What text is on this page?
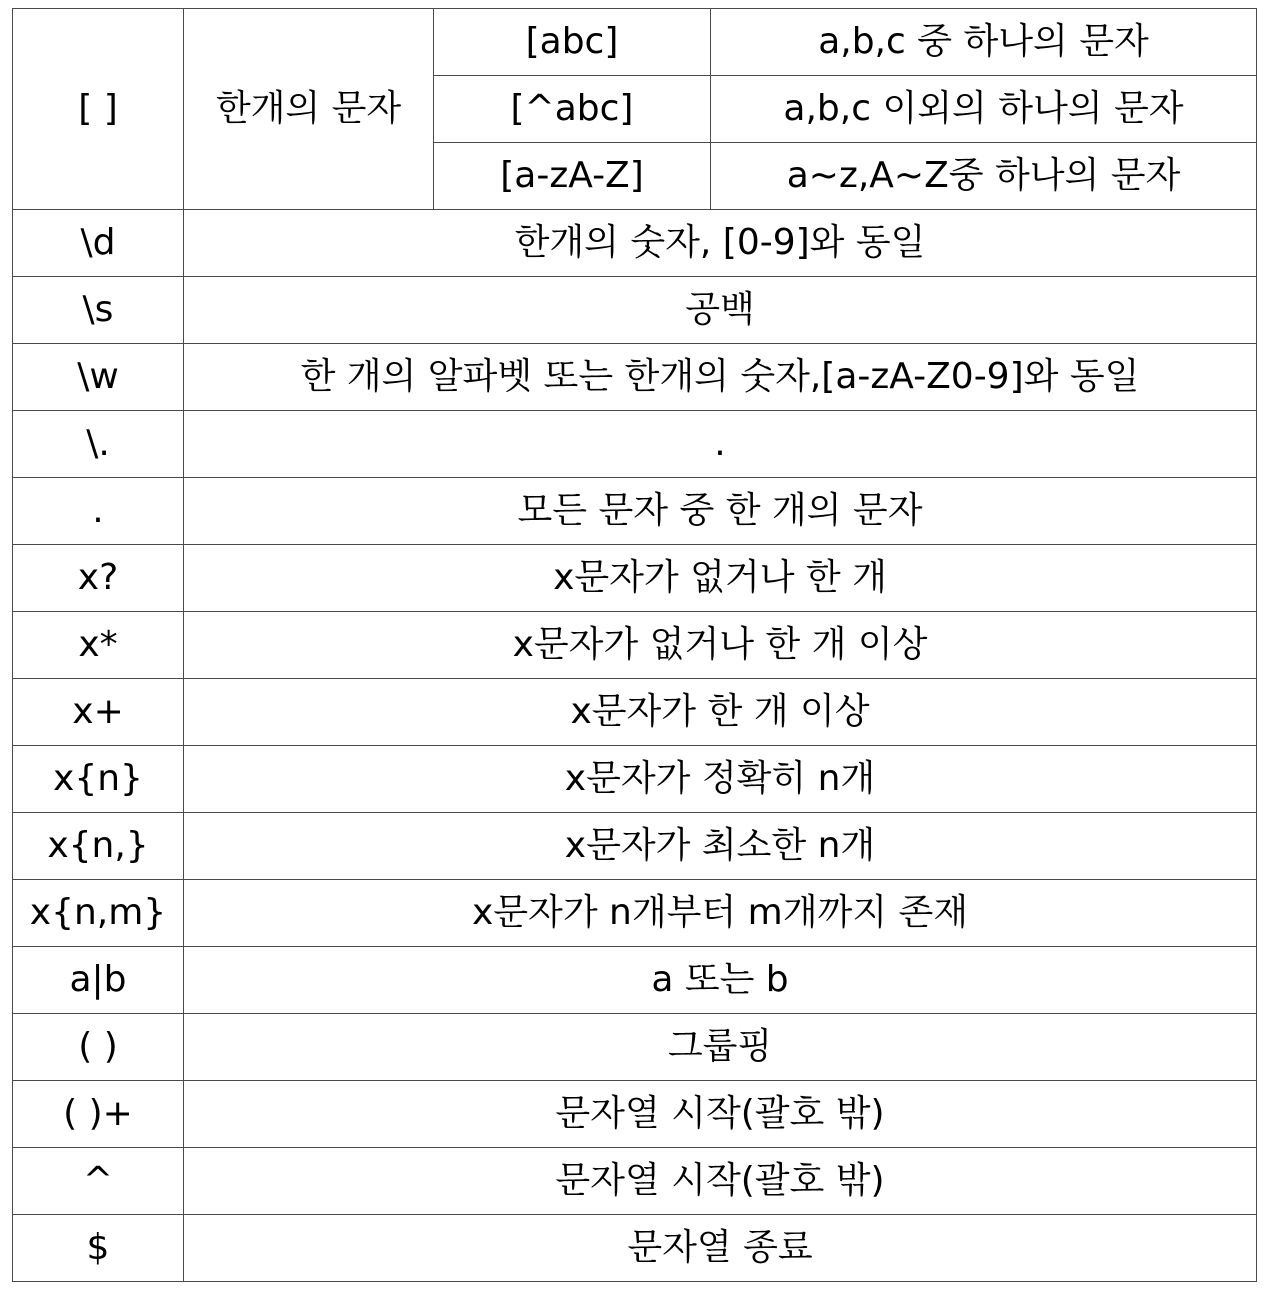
[ ]	한개의 문자	[abc]	a,b,c 중 하나의 문자
		[^abc]	a,b,c 이외의 하나의 문자
		[a-zA-Z]	a~z,A~Z중 하나의 문자
\d	한개의 숫자, [0-9]와 동일		
\s	공백		
\w	한 개의 알파벳 또는 한개의 숫자,[a-zA-Z0-9]와 동일		
\.	.		
.	모든 문자 중 한 개의 문자		
x?	x문자가 없거나 한 개		
x*	x문자가 없거나 한 개 이상		
x+	x문자가 한 개 이상		
x{n}	x문자가 정확히 n개		
x{n,}	x문자가 최소한 n개		
x{n,m}	x문자가 n개부터 m개까지 존재		
a|b	a 또는 b		
( )	그룹핑		
( )+	문자열 시작(괄호 밖)		
^	문자열 시작(괄호 밖)		
$	문자열 종료		
